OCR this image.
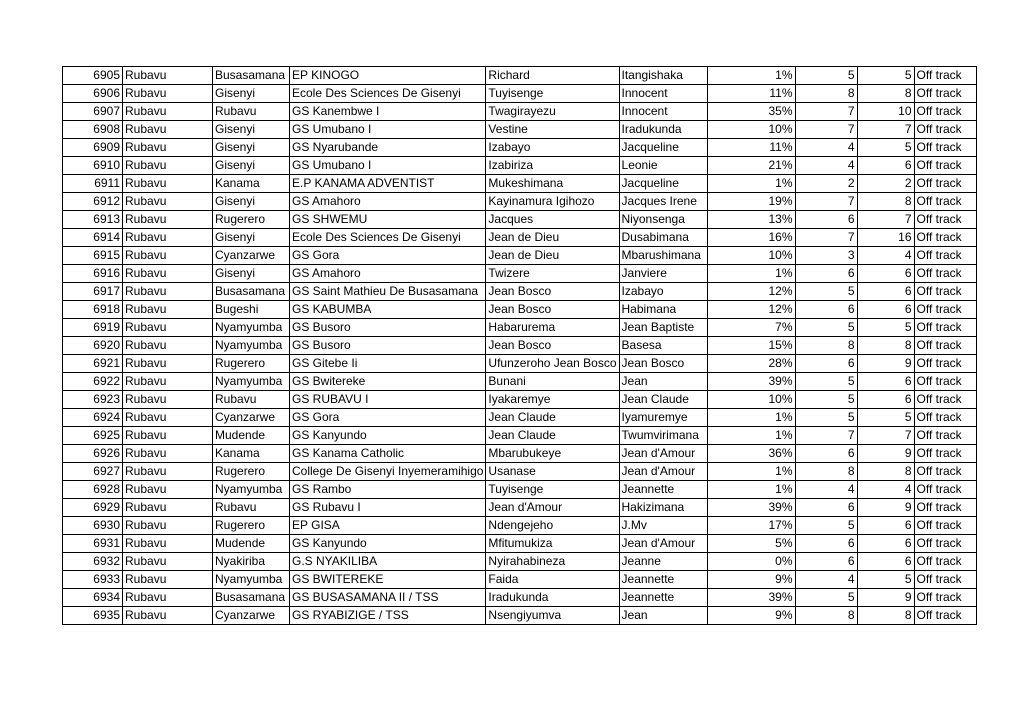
6905	Rubavu	Busasamana	EP KINOGO	Richard	Itangishaka	1%	5	5	Off track
6906	Rubavu	Gisenyi	Ecole Des Sciences De Gisenyi	Tuyisenge	Innocent	11%	8	8	Off track
6907	Rubavu	Rubavu	GS Kanembwe I	Twagirayezu	Innocent	35%	7	10	Off track
6908	Rubavu	Gisenyi	GS Umubano I	Vestine	Iradukunda	10%	7	7	Off track
6909	Rubavu	Gisenyi	GS Nyarubande	Izabayo	Jacqueline	11%	4	5	Off track
6910	Rubavu	Gisenyi	GS Umubano I	Izabiriza	Leonie	21%	4	6	Off track
6911	Rubavu	Kanama	E.P KANAMA ADVENTIST	Mukeshimana	Jacqueline	1%	2	2	Off track
6912	Rubavu	Gisenyi	GS Amahoro	Kayinamura Igihozo	Jacques Irene	19%	7	8	Off track
6913	Rubavu	Rugerero	GS SHWEMU	Jacques	Niyonsenga	13%	6	7	Off track
6914	Rubavu	Gisenyi	Ecole Des Sciences De Gisenyi	Jean de Dieu	Dusabimana	16%	7	16	Off track
6915	Rubavu	Cyanzarwe	GS Gora	Jean de Dieu	Mbarushimana	10%	3	4	Off track
6916	Rubavu	Gisenyi	GS Amahoro	Twizere	Janviere	1%	6	6	Off track
6917	Rubavu	Busasamana	GS Saint Mathieu De Busasamana	Jean Bosco	Izabayo	12%	5	6	Off track
6918	Rubavu	Bugeshi	GS KABUMBA	Jean Bosco	Habimana	12%	6	6	Off track
6919	Rubavu	Nyamyumba	GS Busoro	Habarurema	Jean Baptiste	7%	5	5	Off track
6920	Rubavu	Nyamyumba	GS Busoro	Jean Bosco	Basesa	15%	8	8	Off track
6921	Rubavu	Rugerero	GS Gitebe Ii	Ufunzeroho Jean Bosco	Jean Bosco	28%	6	9	Off track
6922	Rubavu	Nyamyumba	GS Bwitereke	Bunani	Jean	39%	5	6	Off track
6923	Rubavu	Rubavu	GS RUBAVU I	Iyakaremye	Jean Claude	10%	5	6	Off track
6924	Rubavu	Cyanzarwe	GS Gora	Jean Claude	Iyamuremye	1%	5	5	Off track
6925	Rubavu	Mudende	GS Kanyundo	Jean Claude	Twumvirimana	1%	7	7	Off track
6926	Rubavu	Kanama	GS Kanama Catholic	Mbarubukeye	Jean d'Amour	36%	6	9	Off track
6927	Rubavu	Rugerero	College De Gisenyi Inyemeramihigo	Usanase	Jean d'Amour	1%	8	8	Off track
6928	Rubavu	Nyamyumba	GS Rambo	Tuyisenge	Jeannette	1%	4	4	Off track
6929	Rubavu	Rubavu	GS Rubavu I	Jean d'Amour	Hakizimana	39%	6	9	Off track
6930	Rubavu	Rugerero	EP GISA	Ndengejeho	J.Mv	17%	5	6	Off track
6931	Rubavu	Mudende	GS Kanyundo	Mfitumukiza	Jean d'Amour	5%	6	6	Off track
6932	Rubavu	Nyakiriba	G.S NYAKILIBA	Nyirahabineza	Jeanne	0%	6	6	Off track
6933	Rubavu	Nyamyumba	GS BWITEREKE	Faida	Jeannette	9%	4	5	Off track
6934	Rubavu	Busasamana	GS BUSASAMANA II / TSS	Iradukunda	Jeannette	39%	5	9	Off track
6935	Rubavu	Cyanzarwe	GS RYABIZIGE / TSS	Nsengiyumva	Jean	9%	8	8	Off track
